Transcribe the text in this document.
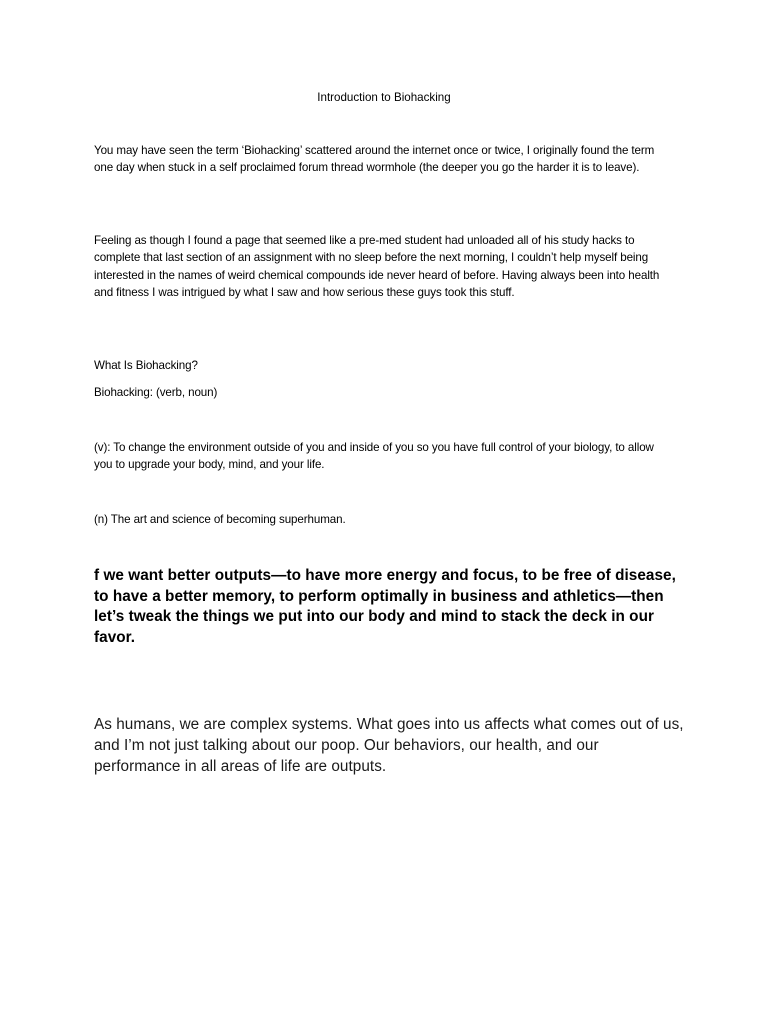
Introduction to Biohacking

You may have seen the term ‘Biohacking’ scattered around the internet once or twice, I originally found the term one day when stuck in a self proclaimed forum thread wormhole (the deeper you go the harder it is to leave).

Feeling as though I found a page that seemed like a pre-med student had unloaded all of his study hacks to complete that last section of an assignment with no sleep before the next morning, I couldn’t help myself being interested in the names of weird chemical compounds ide never heard of before. Having always been into health and fitness I was intrigued by what I saw and how serious these guys took this stuff.

What Is Biohacking?

Biohacking: (verb, noun)

(v): To change the environment outside of you and inside of you so you have full control of your biology, to allow you to upgrade your body, mind, and your life.

(n) The art and science of becoming superhuman.

f we want better outputs—to have more energy and focus, to be free of disease, to have a better memory, to perform optimally in business and athletics—then let’s tweak the things we put into our body and mind to stack the deck in our favor.

As humans, we are complex systems. What goes into us affects what comes out of us, and I’m not just talking about our poop. Our behaviors, our health, and our performance in all areas of life are outputs.
